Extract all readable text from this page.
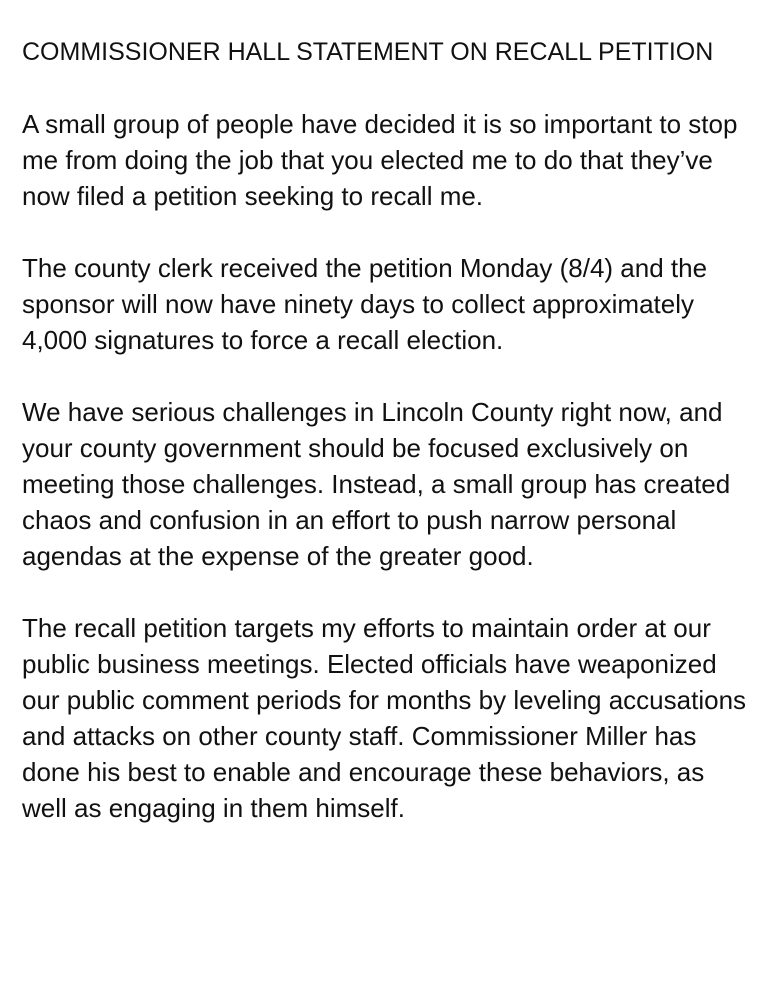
COMMISSIONER HALL STATEMENT ON RECALL PETITION

A small group of people have decided it is so important to stop me from doing the job that you elected me to do that they’ve now filed a petition seeking to recall me.

The county clerk received the petition Monday (8/4) and the sponsor will now have ninety days to collect approximately 4,000 signatures to force a recall election.

We have serious challenges in Lincoln County right now, and your county government should be focused exclusively on meeting those challenges. Instead, a small group has created chaos and confusion in an effort to push narrow personal agendas at the expense of the greater good.

The recall petition targets my efforts to maintain order at our public business meetings. Elected officials have weaponized our public comment periods for months by leveling accusations and attacks on other county staff. Commissioner Miller has done his best to enable and encourage these behaviors, as well as engaging in them himself.
